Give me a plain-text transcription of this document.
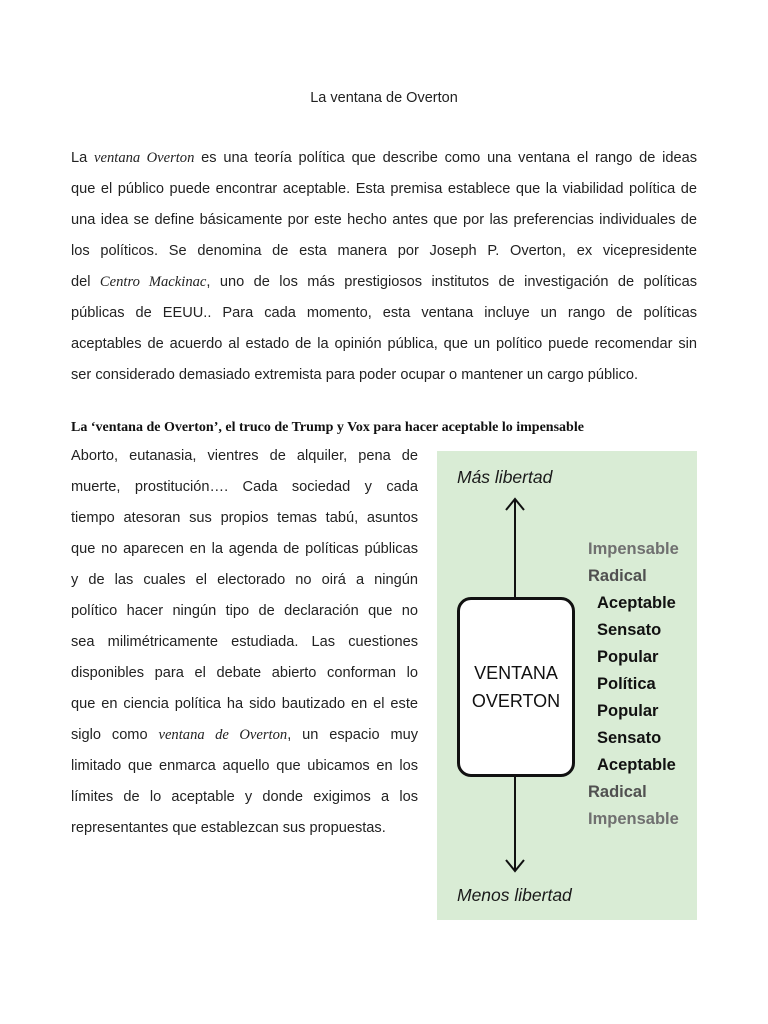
La ventana de Overton
La ventana Overton es una teoría política que describe como una ventana el rango de ideas
que el público puede encontrar aceptable. Esta premisa establece que la viabilidad política de
una idea se define básicamente por este hecho antes que por las preferencias individuales de
los políticos. Se denomina de esta manera por Joseph P. Overton, ex vicepresidente
del Centro Mackinac, uno de los más prestigiosos institutos de investigación de políticas
públicas de EEUU.. Para cada momento, esta ventana incluye un rango de políticas
aceptables de acuerdo al estado de la opinión pública, que un político puede recomendar sin
ser considerado demasiado extremista para poder ocupar o mantener un cargo público.
La ‘ventana de Overton’, el truco de Trump y Vox para hacer aceptable lo impensable
Aborto, eutanasia, vientres de alquiler, pena de
muerte, prostitución…. Cada sociedad y cada
tiempo atesoran sus propios temas tabú, asuntos
que no aparecen en la agenda de políticas públicas
y de las cuales el electorado no oirá a ningún
político hacer ningún tipo de declaración que no
sea milimétricamente estudiada. Las cuestiones
disponibles para el debate abierto conforman lo
que en ciencia política ha sido bautizado en el este
siglo como ventana de Overton, un espacio muy
limitado que enmarca aquello que ubicamos en los
límites de lo aceptable y donde exigimos a los
representantes que establezcan sus propuestas.
Más libertad
VENTANA
OVERTON
Impensable
Radical
Aceptable
Sensato
Popular
Política
Popular
Sensato
Aceptable
Radical
Impensable
Menos libertad
